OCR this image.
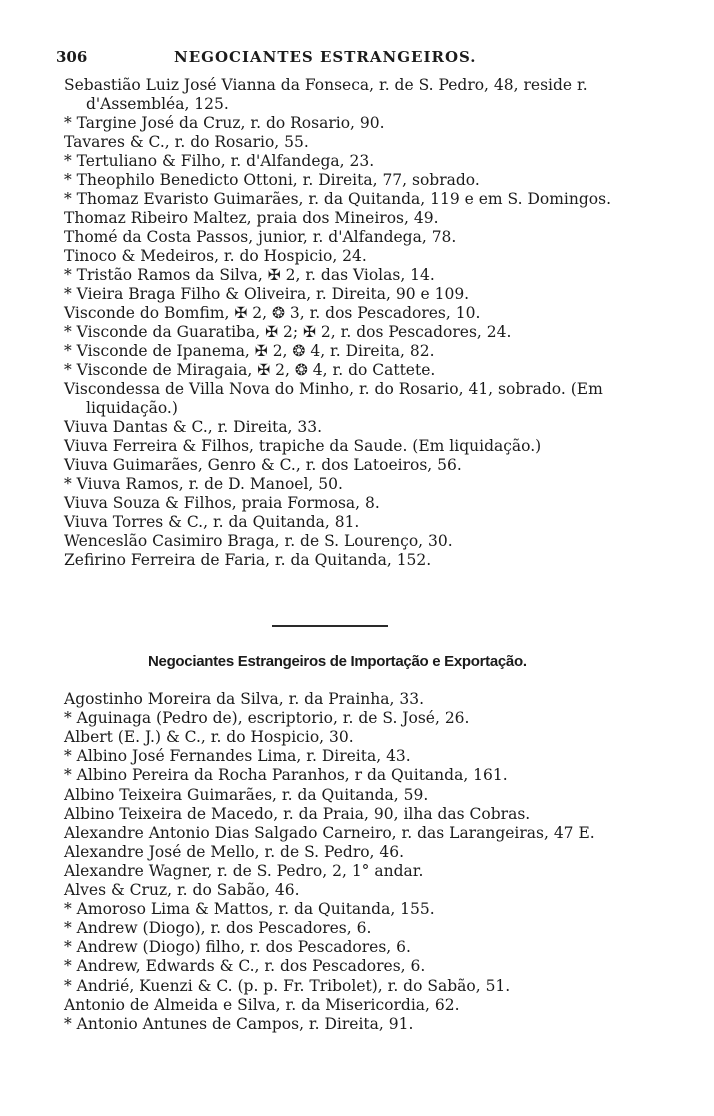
306	NEGOCIANTES ESTRANGEIROS.
Sebastião Luiz José Vianna da Fonseca, r. de S. Pedro, 48, reside r.
d'Assembléa, 125.
* Targine José da Cruz, r. do Rosario, 90.
Tavares & C., r. do Rosario, 55.
* Tertuliano & Filho, r. d'Alfandega, 23.
* Theophilo Benedicto Ottoni, r. Direita, 77, sobrado.
* Thomaz Evaristo Guimarães, r. da Quitanda, 119 e em S. Domingos.
Thomaz Ribeiro Maltez, praia dos Mineiros, 49.
Thomé da Costa Passos, junior, r. d'Alfandega, 78.
Tinoco & Medeiros, r. do Hospicio, 24.
* Tristão Ramos da Silva, ✠ 2, r. das Violas, 14.
* Vieira Braga Filho & Oliveira, r. Direita, 90 e 109.
Visconde do Bomfim, ✠ 2, ❂ 3, r. dos Pescadores, 10.
* Visconde da Guaratiba, ✠ 2; ✠ 2, r. dos Pescadores, 24.
* Visconde de Ipanema, ✠ 2, ❂ 4, r. Direita, 82.
* Visconde de Miragaia, ✠ 2, ❂ 4, r. do Cattete.
Viscondessa de Villa Nova do Minho, r. do Rosario, 41, sobrado. (Em
liquidação.)
Viuva Dantas & C., r. Direita, 33.
Viuva Ferreira & Filhos, trapiche da Saude. (Em liquidação.)
Viuva Guimarães, Genro & C., r. dos Latoeiros, 56.
* Viuva Ramos, r. de D. Manoel, 50.
Viuva Souza & Filhos, praia Formosa, 8.
Viuva Torres & C., r. da Quitanda, 81.
Wenceslão Casimiro Braga, r. de S. Lourenço, 30.
Zefirino Ferreira de Faria, r. da Quitanda, 152.
Negociantes Estrangeiros de Importação e Exportação.
Agostinho Moreira da Silva, r. da Prainha, 33.
* Aguinaga (Pedro de), escriptorio, r. de S. José, 26.
Albert (E. J.) & C., r. do Hospicio, 30.
* Albino José Fernandes Lima, r. Direita, 43.
* Albino Pereira da Rocha Paranhos, r da Quitanda, 161.
Albino Teixeira Guimarães, r. da Quitanda, 59.
Albino Teixeira de Macedo, r. da Praia, 90, ilha das Cobras.
Alexandre Antonio Dias Salgado Carneiro, r. das Larangeiras, 47 E.
Alexandre José de Mello, r. de S. Pedro, 46.
Alexandre Wagner, r. de S. Pedro, 2, 1° andar.
Alves & Cruz, r. do Sabão, 46.
* Amoroso Lima & Mattos, r. da Quitanda, 155.
* Andrew (Diogo), r. dos Pescadores, 6.
* Andrew (Diogo) filho, r. dos Pescadores, 6.
* Andrew, Edwards & C., r. dos Pescadores, 6.
* Andrié, Kuenzi & C. (p. p. Fr. Tribolet), r. do Sabão, 51.
Antonio de Almeida e Silva, r. da Misericordia, 62.
* Antonio Antunes de Campos, r. Direita, 91.
